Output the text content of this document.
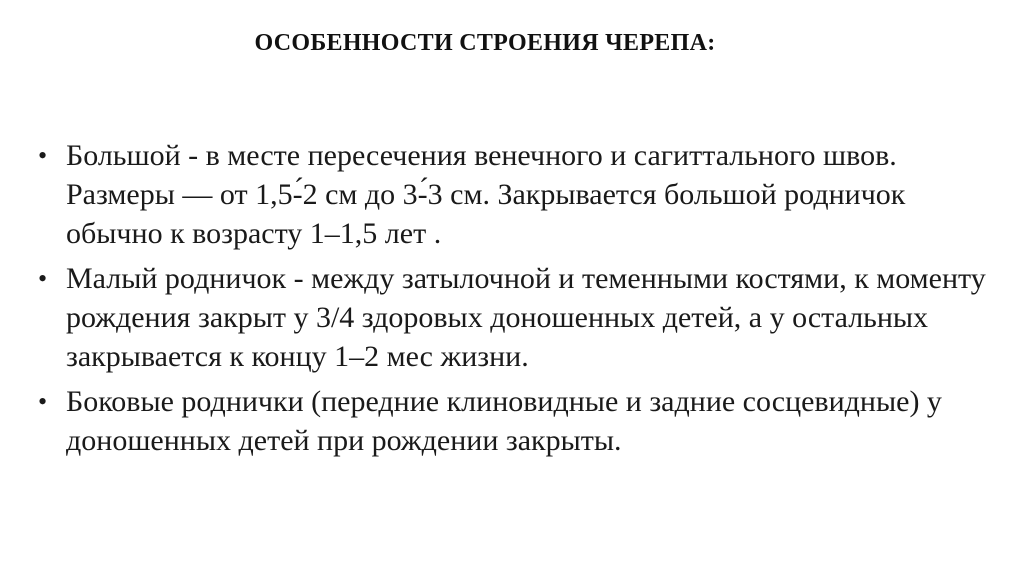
ОСОБЕННОСТИ СТРОЕНИЯ ЧЕРЕПА:
• Большой - в месте пересечения венечного и сагиттального швов. Размеры — от 1,5-́2 см до 3-́3 см. Закрывается большой родничок обычно к возрасту 1–1,5 лет .
• Малый родничок - между затылочной и теменными костями, к моменту рождения закрыт у 3/4 здоровых доношенных детей, а у остальных закрывается к концу 1–2 мес жизни.
• Боковые роднички (передние клиновидные и задние сосцевидные) у доношенных детей при рождении закрыты.
